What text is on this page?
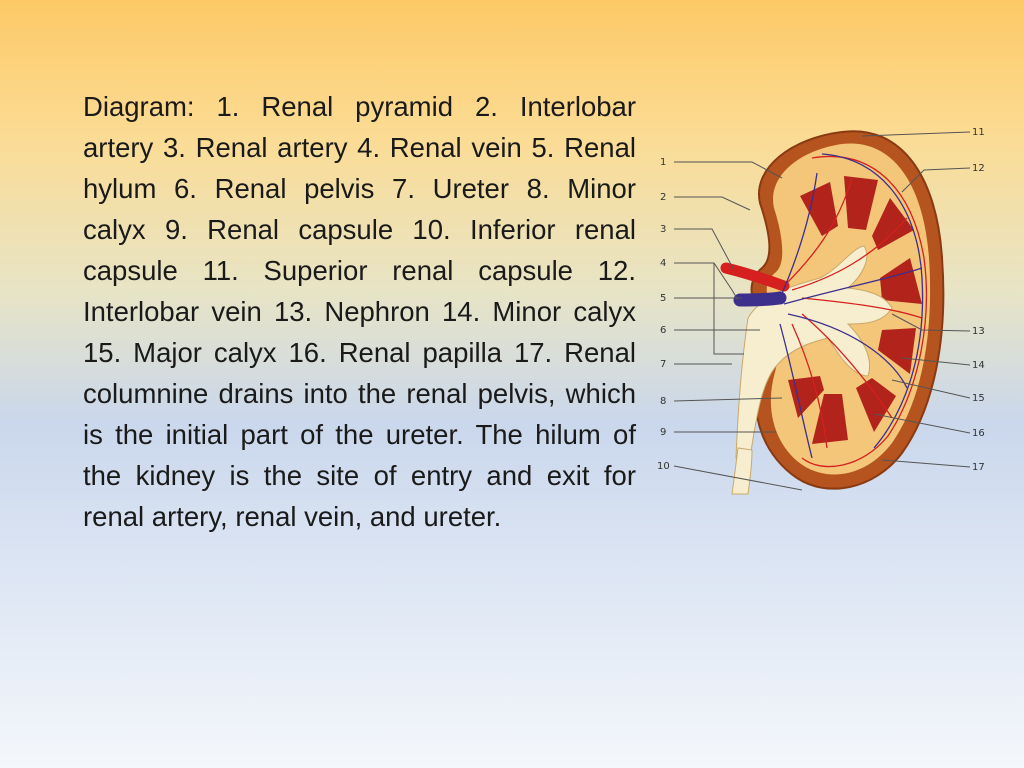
Diagram: 1. Renal pyramid 2. Interlobar artery 3. Renal artery 4. Renal vein 5. Renal hylum 6. Renal pelvis 7. Ureter 8. Minor calyx 9. Renal capsule 10. Inferior renal capsule 11. Superior renal capsule 12. Interlobar vein 13. Nephron 14. Minor calyx 15. Major calyx 16. Renal papilla 17. Renal columnine drains into the renal pelvis, which is the initial part of the ureter. The hilum of the kidney is the site of entry and exit for renal artery, renal vein, and ureter.
1
2
3
4
5
6
7
8
9
10
11
12
13
14
15
16
17
